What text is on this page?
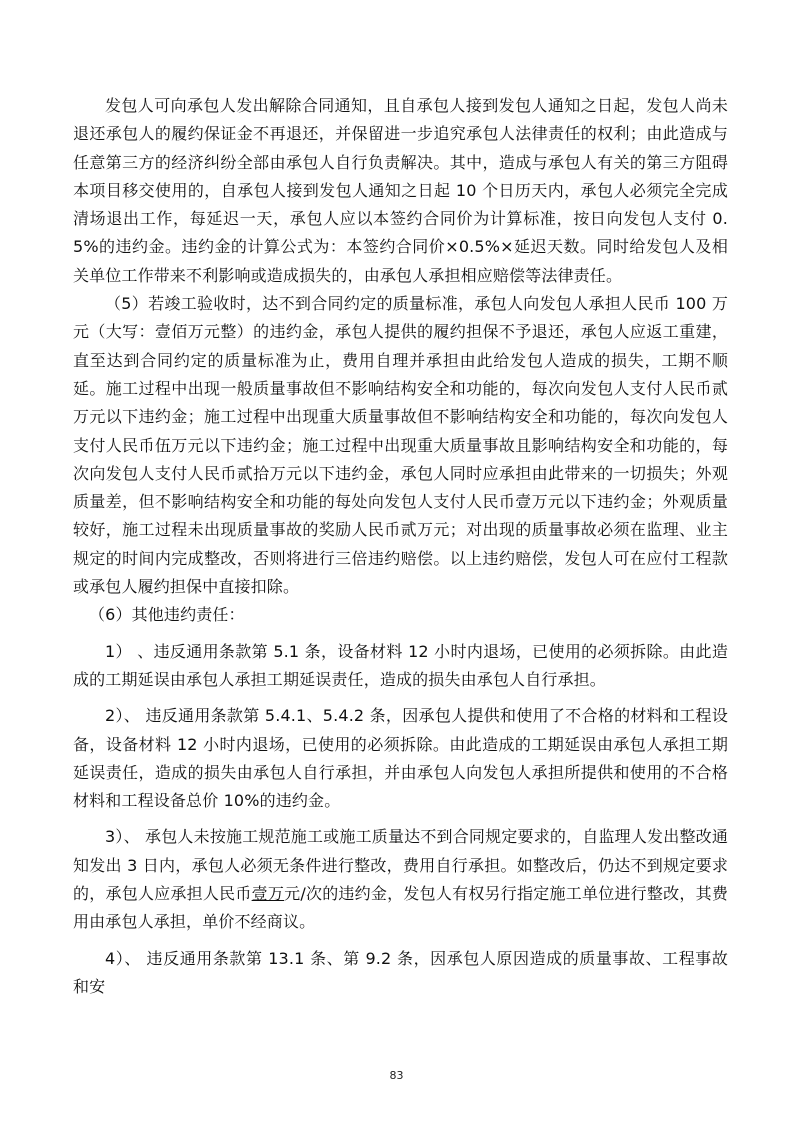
发包人可向承包人发出解除合同通知，且自承包人接到发包人通知之日起，发包人尚未退还承包人的履约保证金不再退还，并保留进一步追究承包人法律责任的权利；由此造成与任意第三方的经济纠纷全部由承包人自行负责解决。其中，造成与承包人有关的第三方阻碍本项目移交使用的，自承包人接到发包人通知之日起 10 个日历天内，承包人必须完全完成清场退出工作，每延迟一天，承包人应以本签约合同价为计算标准，按日向发包人支付 0.5%的违约金。违约金的计算公式为：本签约合同价×0.5%×延迟天数。同时给发包人及相关单位工作带来不利影响或造成损失的，由承包人承担相应赔偿等法律责任。

（5）若竣工验收时，达不到合同约定的质量标准，承包人向发包人承担人民币 100 万元（大写：壹佰万元整）的违约金，承包人提供的履约担保不予退还，承包人应返工重建，直至达到合同约定的质量标准为止，费用自理并承担由此给发包人造成的损失，工期不顺延。施工过程中出现一般质量事故但不影响结构安全和功能的，每次向发包人支付人民币贰万元以下违约金；施工过程中出现重大质量事故但不影响结构安全和功能的，每次向发包人支付人民币伍万元以下违约金；施工过程中出现重大质量事故且影响结构安全和功能的，每次向发包人支付人民币贰拾万元以下违约金，承包人同时应承担由此带来的一切损失；外观质量差，但不影响结构安全和功能的每处向发包人支付人民币壹万元以下违约金；外观质量较好，施工过程未出现质量事故的奖励人民币贰万元；对出现的质量事故必须在监理、业主规定的时间内完成整改，否则将进行三倍违约赔偿。以上违约赔偿，发包人可在应付工程款或承包人履约担保中直接扣除。

（6）其他违约责任：

1） 、违反通用条款第 5.1 条，设备材料 12 小时内退场，已使用的必须拆除。由此造成的工期延误由承包人承担工期延误责任，造成的损失由承包人自行承担。

2）、 违反通用条款第 5.4.1、5.4.2 条，因承包人提供和使用了不合格的材料和工程设备，设备材料 12 小时内退场，已使用的必须拆除。由此造成的工期延误由承包人承担工期延误责任，造成的损失由承包人自行承担，并由承包人向发包人承担所提供和使用的不合格材料和工程设备总价 10%的违约金。

3）、 承包人未按施工规范施工或施工质量达不到合同规定要求的，自监理人发出整改通知发出 3 日内，承包人必须无条件进行整改，费用自行承担。如整改后，仍达不到规定要求的，承包人应承担人民币壹万元/次的违约金，发包人有权另行指定施工单位进行整改，其费用由承包人承担，单价不经商议。

4）、 违反通用条款第 13.1 条、第 9.2 条，因承包人原因造成的质量事故、工程事故和安

83
